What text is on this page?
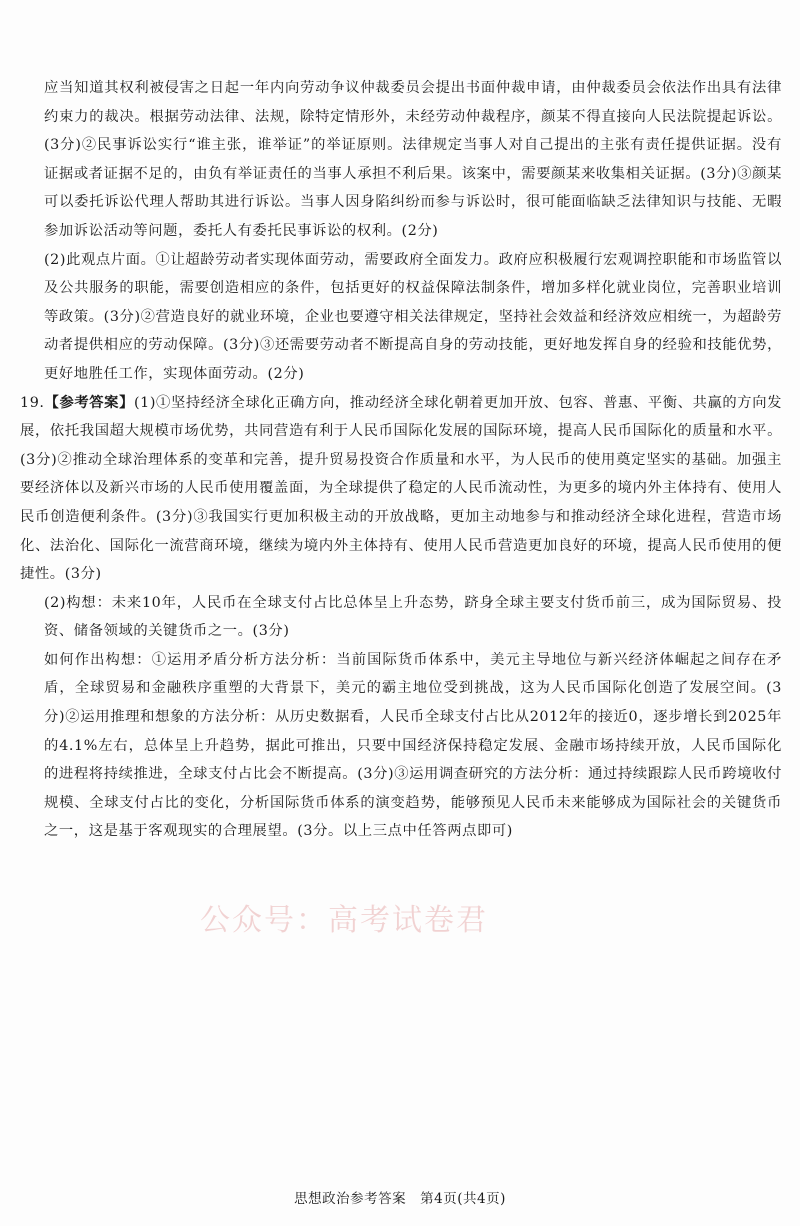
应当知道其权利被侵害之日起一年内向劳动争议仲裁委员会提出书面仲裁申请，由仲裁委员会依法作出具有法律约束力的裁决。根据劳动法律、法规，除特定情形外，未经劳动仲裁程序，颜某不得直接向人民法院提起诉讼。(3分)②民事诉讼实行“谁主张，谁举证”的举证原则。法律规定当事人对自己提出的主张有责任提供证据。没有证据或者证据不足的，由负有举证责任的当事人承担不利后果。该案中，需要颜某来收集相关证据。(3分)③颜某可以委托诉讼代理人帮助其进行诉讼。当事人因身陷纠纷而参与诉讼时，很可能面临缺乏法律知识与技能、无暇参加诉讼活动等问题，委托人有委托民事诉讼的权利。(2分)

(2)此观点片面。①让超龄劳动者实现体面劳动，需要政府全面发力。政府应积极履行宏观调控职能和市场监管以及公共服务的职能，需要创造相应的条件，包括更好的权益保障法制条件，增加多样化就业岗位，完善职业培训等政策。(3分)②营造良好的就业环境，企业也要遵守相关法律规定，坚持社会效益和经济效应相统一，为超龄劳动者提供相应的劳动保障。(3分)③还需要劳动者不断提高自身的劳动技能，更好地发挥自身的经验和技能优势，更好地胜任工作，实现体面劳动。(2分)

19.【参考答案】(1)①坚持经济全球化正确方向，推动经济全球化朝着更加开放、包容、普惠、平衡、共赢的方向发展，依托我国超大规模市场优势，共同营造有利于人民币国际化发展的国际环境，提高人民币国际化的质量和水平。(3分)②推动全球治理体系的变革和完善，提升贸易投资合作质量和水平，为人民币的使用奠定坚实的基础。加强主要经济体以及新兴市场的人民币使用覆盖面，为全球提供了稳定的人民币流动性，为更多的境内外主体持有、使用人民币创造便利条件。(3分)③我国实行更加积极主动的开放战略，更加主动地参与和推动经济全球化进程，营造市场化、法治化、国际化一流营商环境，继续为境内外主体持有、使用人民币营造更加良好的环境，提高人民币使用的便捷性。(3分)

(2)构想：未来10年，人民币在全球支付占比总体呈上升态势，跻身全球主要支付货币前三，成为国际贸易、投资、储备领域的关键货币之一。(3分)

如何作出构想：①运用矛盾分析方法分析：当前国际货币体系中，美元主导地位与新兴经济体崛起之间存在矛盾，全球贸易和金融秩序重塑的大背景下，美元的霸主地位受到挑战，这为人民币国际化创造了发展空间。(3分)②运用推理和想象的方法分析：从历史数据看，人民币全球支付占比从2012年的接近0，逐步增长到2025年的4.1%左右，总体呈上升趋势，据此可推出，只要中国经济保持稳定发展、金融市场持续开放，人民币国际化的进程将持续推进，全球支付占比会不断提高。(3分)③运用调查研究的方法分析：通过持续跟踪人民币跨境收付规模、全球支付占比的变化，分析国际货币体系的演变趋势，能够预见人民币未来能够成为国际社会的关键货币之一，这是基于客观现实的合理展望。(3分。以上三点中任答两点即可)

公众号：高考试卷君
思想政治参考答案　第4页(共4页)
